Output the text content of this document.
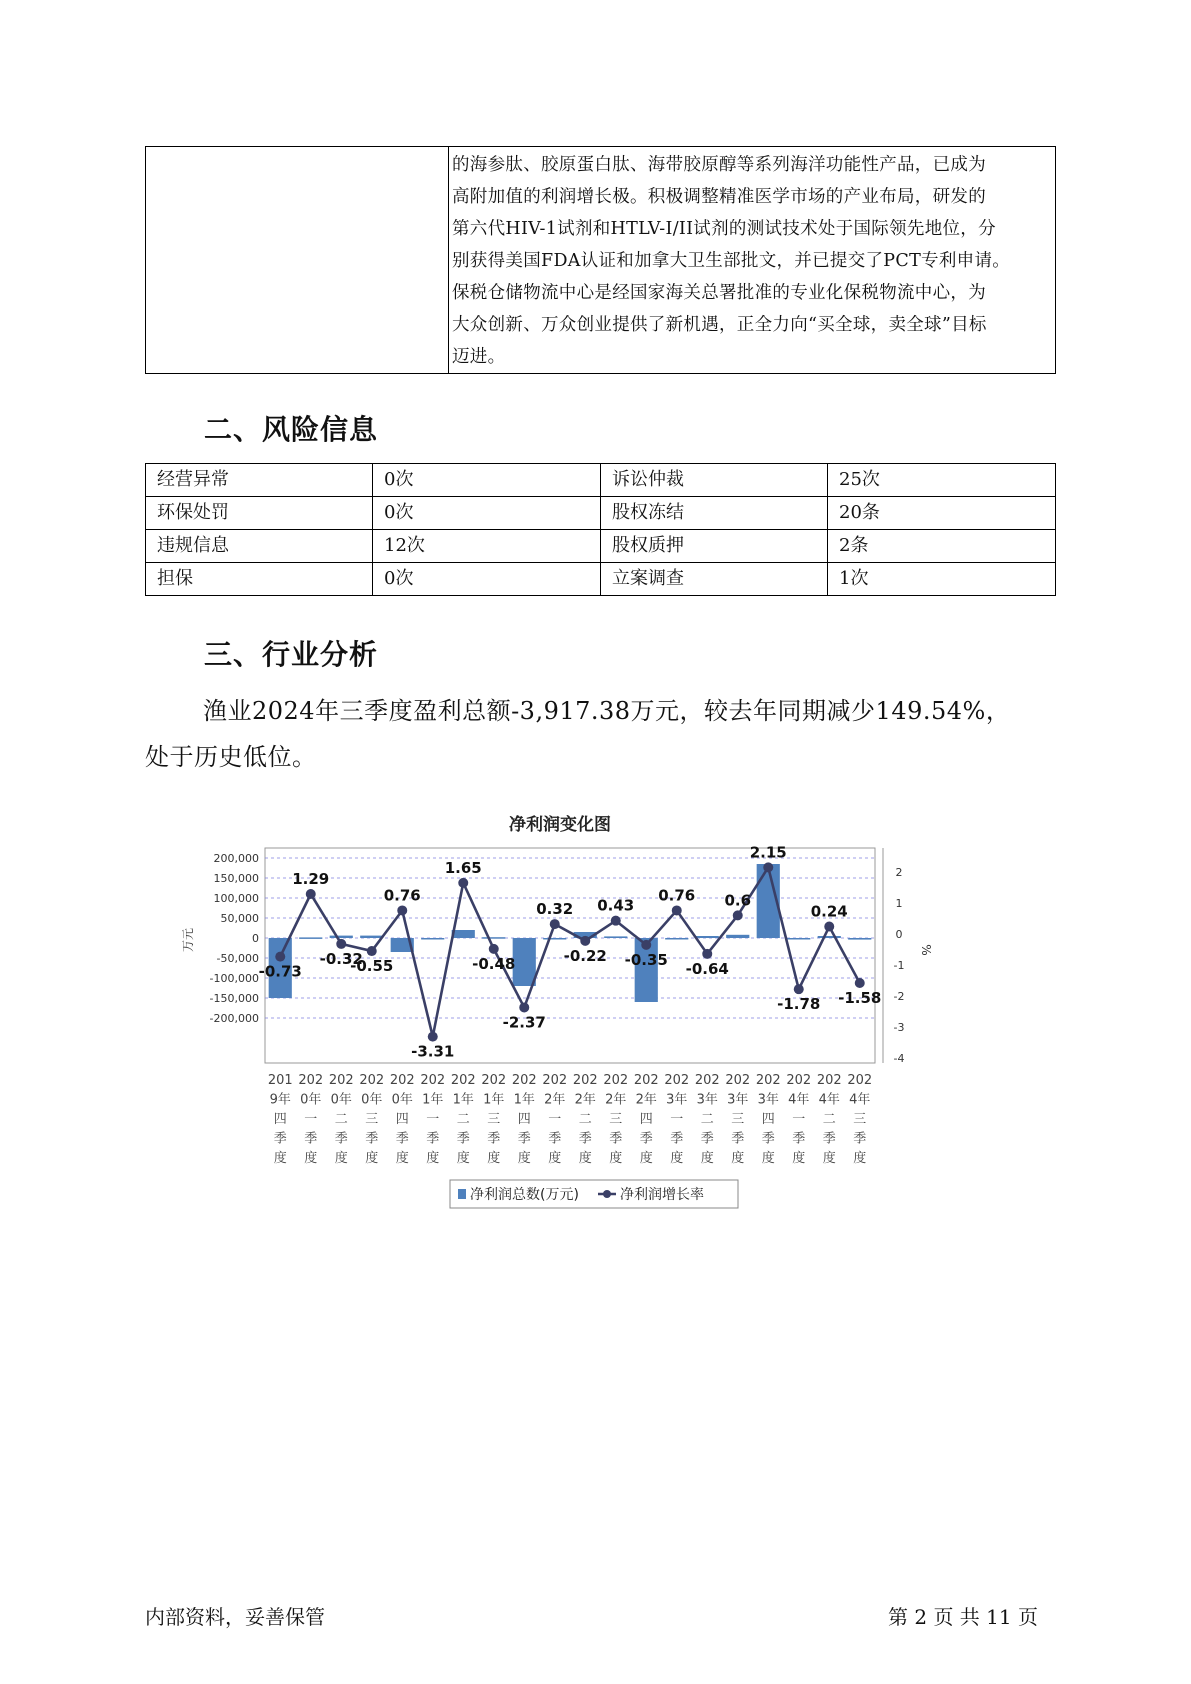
的海参肽、胶原蛋白肽、海带胶原醇等系列海洋功能性产品，已成为
高附加值的利润增长极。积极调整精准医学市场的产业布局，研发的
第六代HIV-1试剂和HTLV-I/II试剂的测试技术处于国际领先地位，分
别获得美国FDA认证和加拿大卫生部批文，并已提交了PCT专利申请。
保税仓储物流中心是经国家海关总署批准的专业化保税物流中心，为
大众创新、万众创业提供了新机遇，正全力向“买全球，卖全球”目标
迈进。
二、风险信息
经营异常	0次	诉讼仲裁	25次
环保处罚	0次	股权冻结	20条
违规信息	12次	股权质押	2条
担保	0次	立案调查	1次
三、行业分析
渔业2024年三季度盈利总额-3,917.38万元，较去年同期减少149.54%，
处于历史低位。
净利润变化图
200,000
150,000
100,000
50,000
0
-50,000
-100,000
-150,000
-200,000
2
1
0
-1
-2
-3
-4
万元	%
-0.73
1.29
-0.32
-0.55
0.76
-3.31
1.65
-0.48
-2.37
0.32
-0.22
0.43
-0.35
0.76
-0.64
0.6
2.15
-1.78
0.24
-1.58
201
9年
四
季
度
202
0年
一
季
度
202
0年
二
季
度
202
0年
三
季
度
202
0年
四
季
度
202
1年
一
季
度
202
1年
二
季
度
202
1年
三
季
度
202
1年
四
季
度
202
2年
一
季
度
202
2年
二
季
度
202
2年
三
季
度
202
2年
四
季
度
202
3年
一
季
度
202
3年
二
季
度
202
3年
三
季
度
202
3年
四
季
度
202
4年
一
季
度
202
4年
二
季
度
202
4年
三
季
度
净利润总数(万元)	净利润增长率
内部资料，妥善保管	第 2 页 共 11 页
